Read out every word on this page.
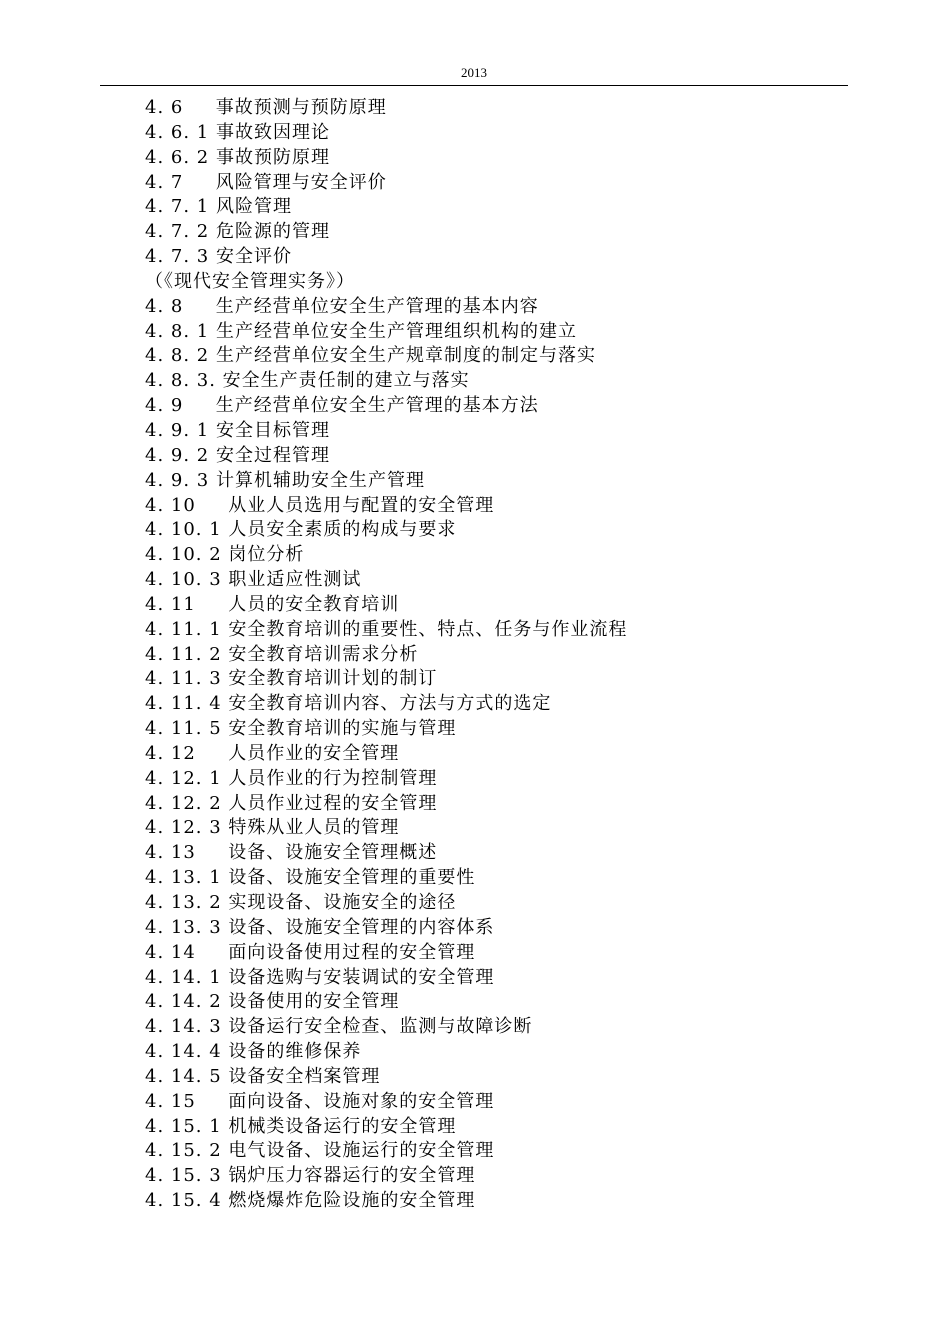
2013
4. 6 　 事故预测与预防原理
4. 6. 1 事故致因理论
4. 6. 2 事故预防原理
4. 7 　 风险管理与安全评价
4. 7. 1 风险管理
4. 7. 2 危险源的管理
4. 7. 3 安全评价
（《现代安全管理实务》）
4. 8 　 生产经营单位安全生产管理的基本内容
4. 8. 1 生产经营单位安全生产管理组织机构的建立
4. 8. 2 生产经营单位安全生产规章制度的制定与落实
4. 8. 3. 安全生产责任制的建立与落实
4. 9 　 生产经营单位安全生产管理的基本方法
4. 9. 1 安全目标管理
4. 9. 2 安全过程管理
4. 9. 3 计算机辅助安全生产管理
4. 10 　 从业人员选用与配置的安全管理
4. 10. 1 人员安全素质的构成与要求
4. 10. 2 岗位分析
4. 10. 3 职业适应性测试
4. 11 　 人员的安全教育培训
4. 11. 1 安全教育培训的重要性、特点、任务与作业流程
4. 11. 2 安全教育培训需求分析
4. 11. 3 安全教育培训计划的制订
4. 11. 4 安全教育培训内容、方法与方式的选定
4. 11. 5 安全教育培训的实施与管理
4. 12 　 人员作业的安全管理
4. 12. 1 人员作业的行为控制管理
4. 12. 2 人员作业过程的安全管理
4. 12. 3 特殊从业人员的管理
4. 13 　 设备、设施安全管理概述
4. 13. 1 设备、设施安全管理的重要性
4. 13. 2 实现设备、设施安全的途径
4. 13. 3 设备、设施安全管理的内容体系
4. 14 　 面向设备使用过程的安全管理
4. 14. 1 设备选购与安装调试的安全管理
4. 14. 2 设备使用的安全管理
4. 14. 3 设备运行安全检查、监测与故障诊断
4. 14. 4 设备的维修保养
4. 14. 5 设备安全档案管理
4. 15 　 面向设备、设施对象的安全管理
4. 15. 1 机械类设备运行的安全管理
4. 15. 2 电气设备、设施运行的安全管理
4. 15. 3 锅炉压力容器运行的安全管理
4. 15. 4 燃烧爆炸危险设施的安全管理
